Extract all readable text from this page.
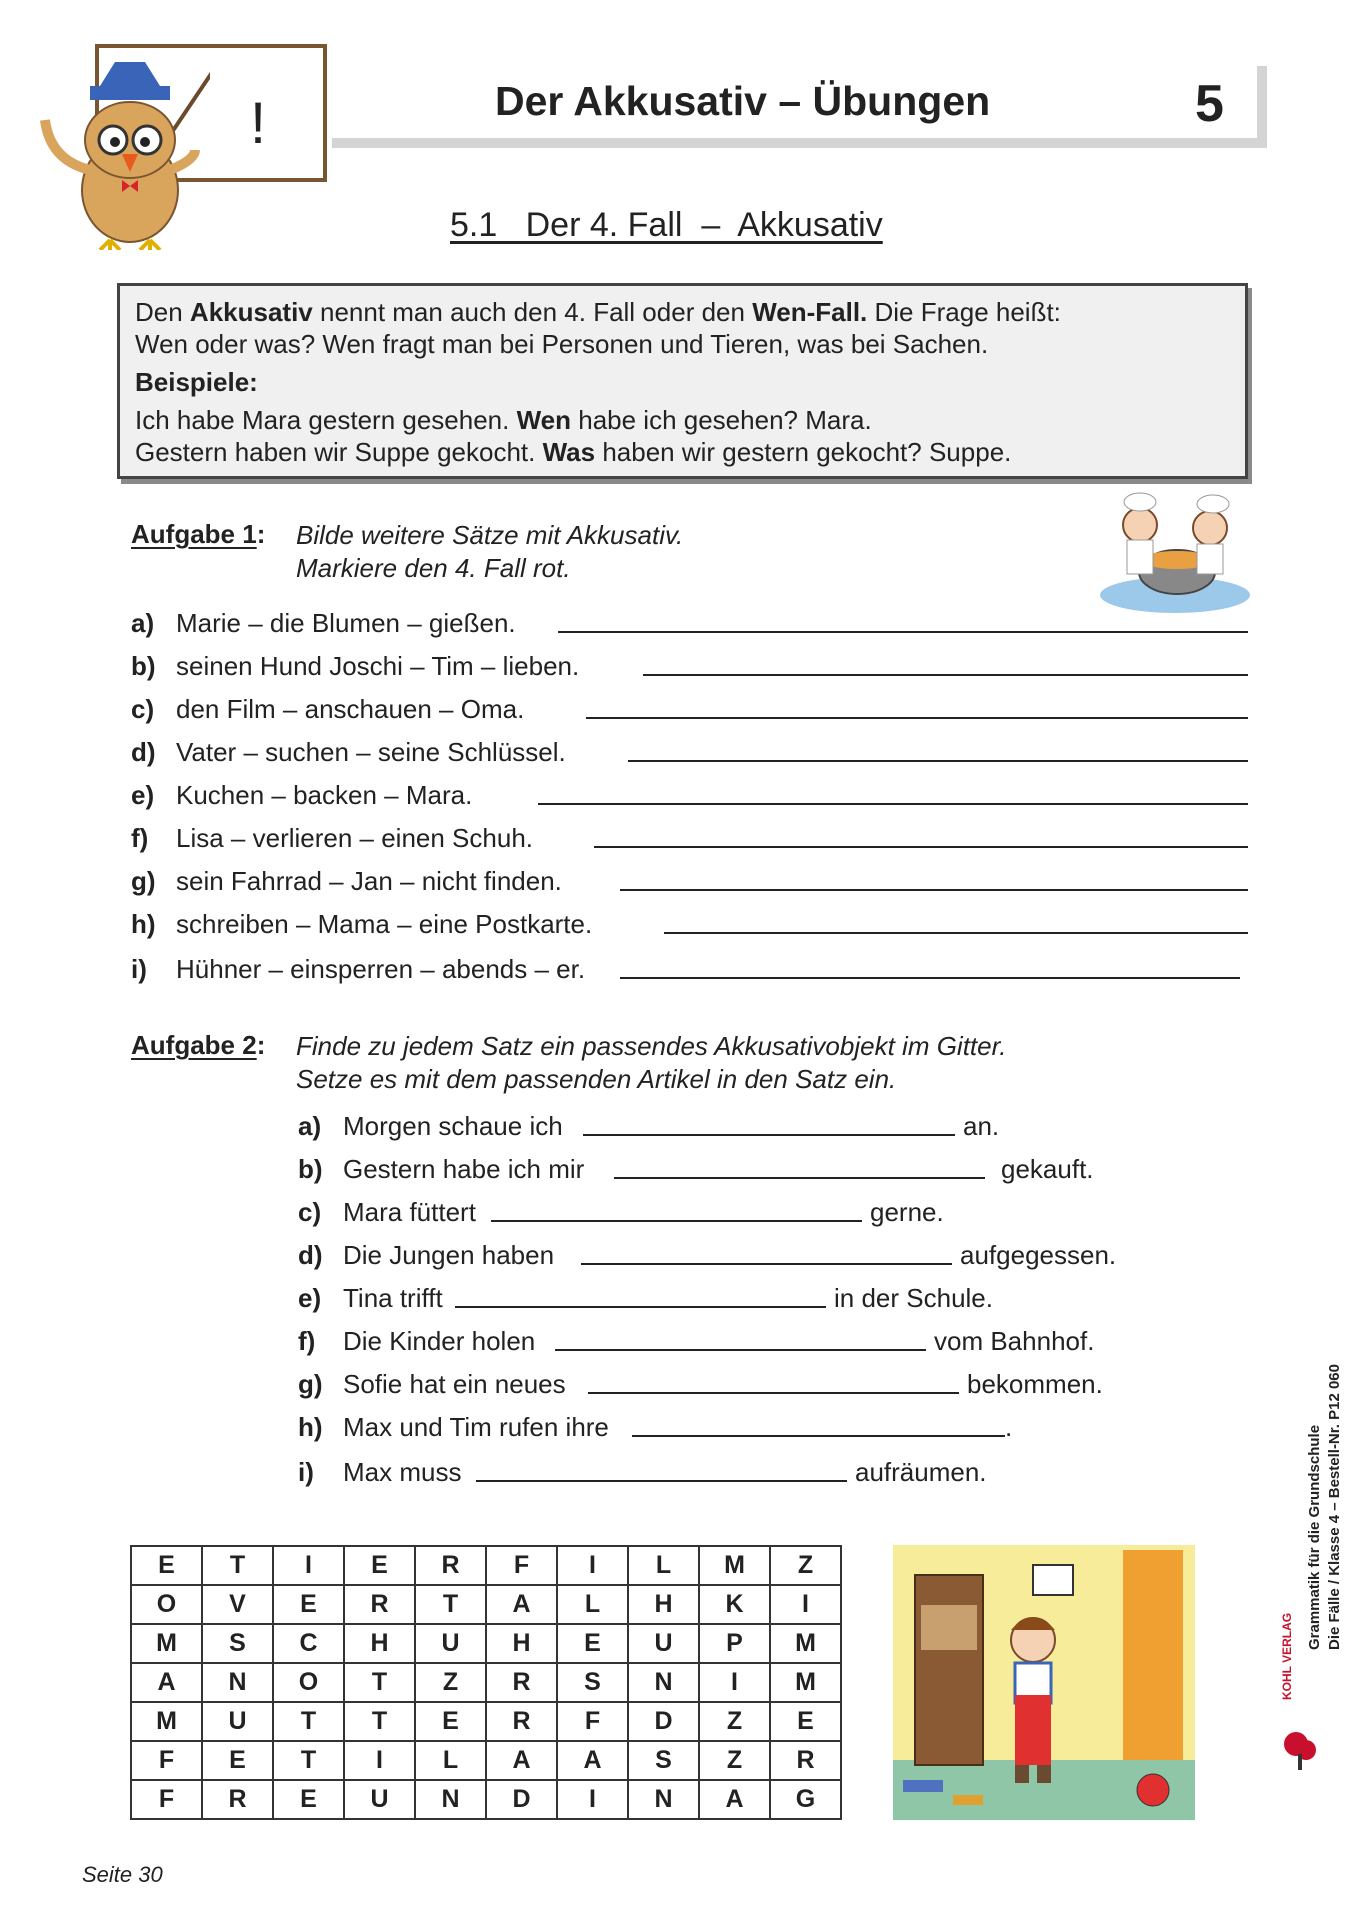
!	Der Akkusativ – Übungen	5
5.1   Der 4. Fall  –  Akkusativ

Den Akkusativ nennt man auch den 4. Fall oder den Wen-Fall. Die Frage heißt:

Wen oder was? Wen fragt man bei Personen und Tieren, was bei Sachen.

Beispiele:

Ich habe Mara gestern gesehen. Wen habe ich gesehen? Mara.

Gestern haben wir Suppe gekocht. Was haben wir gestern gekocht? Suppe.

Aufgabe 1: Bilde weitere Sätze mit Akkusativ.
Markiere den 4. Fall rot.
a) Marie – die Blumen – gießen.
b) seinen Hund Joschi – Tim – lieben.
c) den Film – anschauen – Oma.
d) Vater – suchen – seine Schlüssel.
e) Kuchen – backen – Mara.
f)	Lisa – verlieren – einen Schuh.
g) sein Fahrrad – Jan – nicht finden.
h) schreiben – Mama – eine Postkarte.
i)	Hühner – einsperren – abends – er.
Aufgabe 2: Finde zu jedem Satz ein passendes Akkusativobjekt im Gitter.
Setze es mit dem passenden Artikel in den Satz ein.
a) Morgen schaue ich	an.
b) Gestern habe ich mir	gekauft.
c) Mara füttert	gerne.
d) Die Jungen haben	aufgegessen.
e) Tina trifft	in der Schule.
f)	Die Kinder holen	vom Bahnhof.
g) Sofie hat ein neues	bekommen.
h) Max und Tim rufen ihre	.
i)	Max muss	aufräumen.
E	T	I	E	R	F	I	L	M	Z
O	V	E	R	T	A	L	H	K	I
M	S	C	H	U	H	E	U	P	M
A	N	O	T	Z	R	S	N	I	M
M	U	T	T	E	R	F	D	Z	E
F	E	T	I	L	A	A	S	Z	R
F	R	E	U	N	D	I	N	A	G
Seite 30
Grammatik für die Grundschule Die Fälle / Klasse 4 – Bestell-Nr. P12 060
KOHL VERLAG
